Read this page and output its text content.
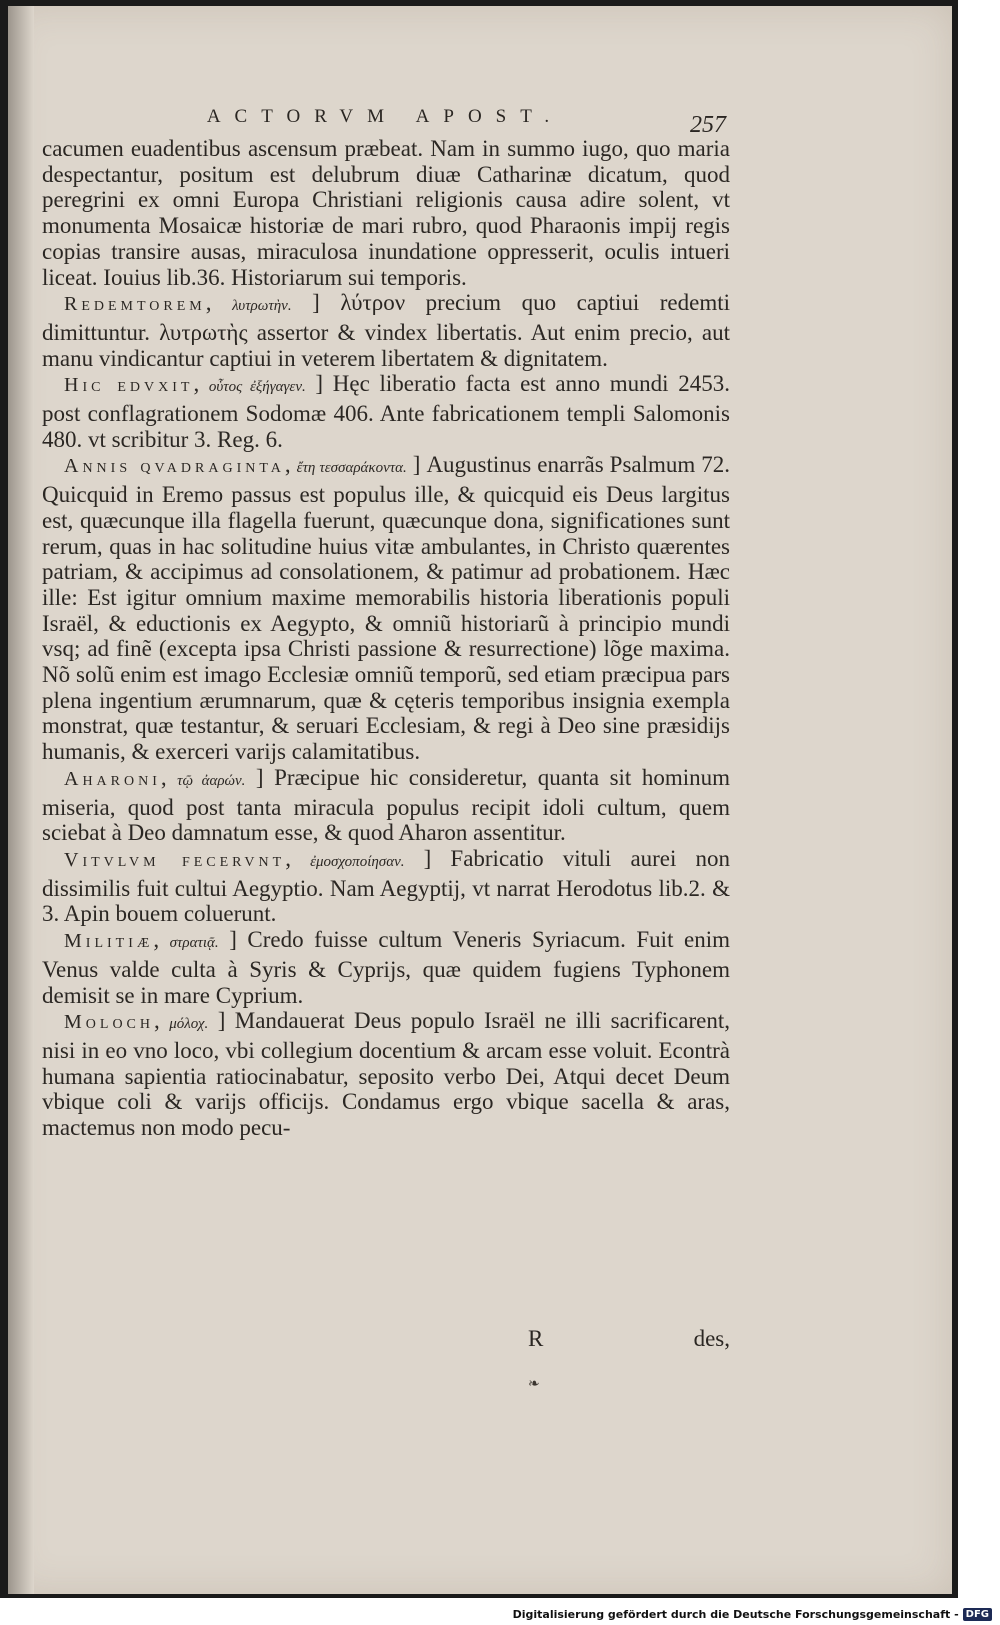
ACTORVM APOST.	257

cacumen euadentibus ascensum præbeat. Nam in summo iugo, quo maria despectantur, positum est delubrum diuæ Catharinæ dicatum, quod peregrini ex omni Europa Christiani religionis causa adire solent, vt monumenta Mosaicæ historiæ de mari rubro, quod Pharaonis impij regis copias transire ausas, miraculosa inundatione oppresserit, oculis intueri liceat. Iouius lib.36. Historiarum sui temporis.

Redemtorem, λυτρωτὴν. ] λύτρον precium quo captiui redemti dimittuntur. λυτρωτὴς assertor & vindex libertatis. Aut enim precio, aut manu vindicantur captiui in veterem libertatem & dignitatem.

Hic edvxit, οὗτος ἐξήγαγεν. ] Hęc liberatio facta est anno mundi 2453. post conflagrationem Sodomæ 406. Ante fabricationem templi Salomonis 480. vt scribitur 3. Reg. 6.

Annis qvadraginta, ἔτη τεσσαράκοντα. ] Augustinus enarrãs Psalmum 72. Quicquid in Eremo passus est populus ille, & quicquid eis Deus largitus est, quæcunque illa flagella fuerunt, quæcunque dona, significationes sunt rerum, quas in hac solitudine huius vitæ ambulantes, in Christo quærentes patriam, & accipimus ad consolationem, & patimur ad probationem. Hæc ille: Est igitur omnium maxime memorabilis historia liberationis populi Israël, & eductionis ex Aegypto, & omniũ historiarũ à principio mundi vsq; ad finẽ (excepta ipsa Christi passione & resurrectione) lõge maxima. Nõ solũ enim est imago Ecclesiæ omniũ temporũ, sed etiam præcipua pars plena ingentium ærumnarum, quæ & cęteris temporibus insignia exempla monstrat, quæ testantur, & seruari Ecclesiam, & regi à Deo sine præsidijs humanis, & exerceri varijs calamitatibus.

Aharoni, τῷ ἀαρών. ] Præcipue hic consideretur, quanta sit hominum miseria, quod post tanta miracula populus recipit idoli cultum, quem sciebat à Deo damnatum esse, & quod Aharon assentitur.

Vitvlvm fecervnt, ἐμοσχοποίησαν. ] Fabricatio vituli aurei non dissimilis fuit cultui Aegyptio. Nam Aegyptij, vt narrat Herodotus lib.2. & 3. Apin bouem coluerunt.

Militiæ, στρατιᾷ. ] Credo fuisse cultum Veneris Syriacum. Fuit enim Venus valde culta à Syris & Cyprijs, quæ quidem fugiens Typhonem demisit se in mare Cyprium.

Moloch, μόλοχ. ] Mandauerat Deus populo Israël ne illi sacrificarent, nisi in eo vno loco, vbi collegium docentium & arcam esse voluit. Econtrà humana sapientia ratiocinabatur, seposito verbo Dei, Atqui decet Deum vbique coli & varijs officijs. Condamus ergo vbique sacella & aras, mactemus non modo pecu-

R	des,
❧
Digitalisierung gefördert durch die Deutsche Forschungsgemeinschaft - DFG
